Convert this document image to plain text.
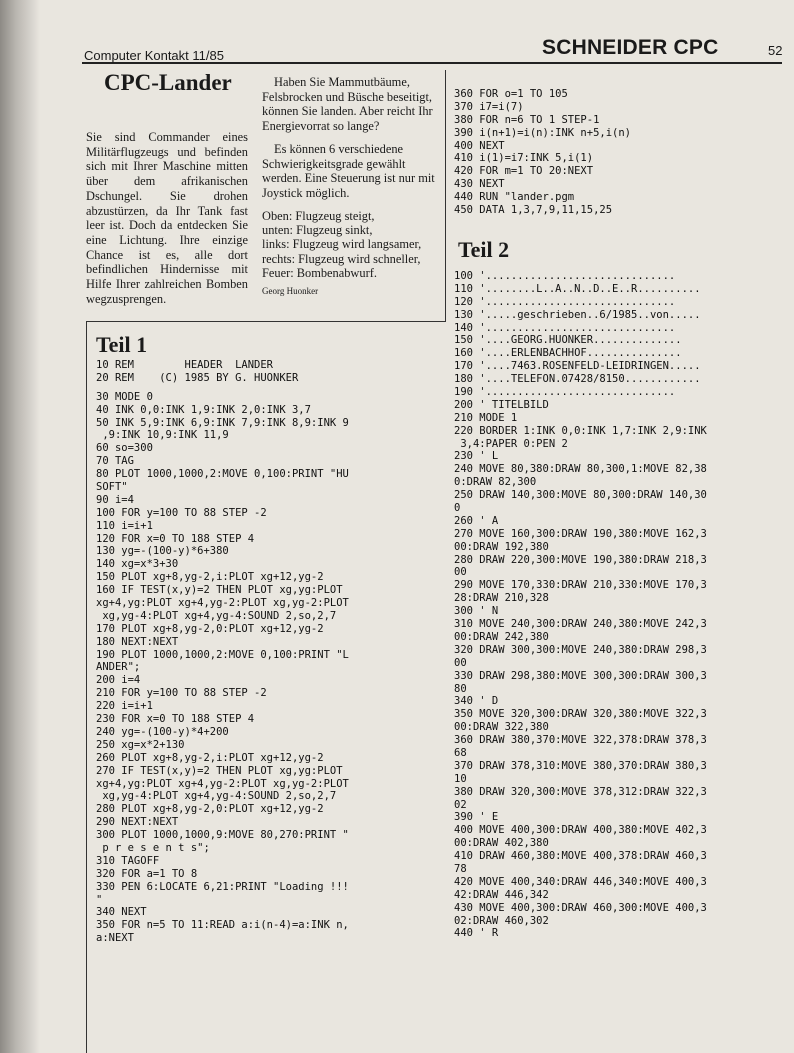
Computer Kontakt 11/85	SCHNEIDER CPC	52
CPC-Lander

Sie sind Commander eines Militärflugzeugs und befinden sich mit Ihrer Maschine mitten über dem afrikanischen Dschungel. Sie drohen abzustürzen, da Ihr Tank fast leer ist. Doch da entdecken Sie eine Lichtung. Ihre einzige Chance ist es, alle dort befindlichen Hindernisse mit Hilfe Ihrer zahlreichen Bomben wegzusprengen.

Haben Sie Mammutbäume, Felsbrocken und Büsche beseitigt, können Sie landen. Aber reicht Ihr Energievorrat so lange?

Es können 6 verschiedene Schwierigkeitsgrade gewählt werden. Eine Steuerung ist nur mit Joystick möglich.

Oben: Flugzeug steigt,
unten: Flugzeug sinkt,
links: Flugzeug wird langsamer,
rechts: Flugzeug wird schneller,
Feuer: Bombenabwurf.
Georg Huonker
360 FOR o=1 TO 105
370 i7=i(7)
380 FOR n=6 TO 1 STEP-1
390 i(n+1)=i(n):INK n+5,i(n)
400 NEXT
410 i(1)=i7:INK 5,i(1)
420 FOR m=1 TO 20:NEXT
430 NEXT
440 RUN "lander.pgm
450 DATA 1,3,7,9,11,15,25
Teil 2
100 '..............................
110 '........L..A..N..D..E..R..........
120 '..............................
130 '.....geschrieben..6/1985..von.....
140 '..............................
150 '....GEORG.HUONKER..............
160 '....ERLENBACHHOF...............
170 '....7463.ROSENFELD-LEIDRINGEN.....
180 '....TELEFON.07428/8150............
190 '..............................
200 ' TITELBILD
210 MODE 1
220 BORDER 1:INK 0,0:INK 1,7:INK 2,9:INK
3,4:PAPER 0:PEN 2
230 ' L
240 MOVE 80,380:DRAW 80,300,1:MOVE 82,38
0:DRAW 82,300
250 DRAW 140,300:MOVE 80,300:DRAW 140,30
0
260 ' A
270 MOVE 160,300:DRAW 190,380:MOVE 162,3
00:DRAW 192,380
280 DRAW 220,300:MOVE 190,380:DRAW 218,3
00
290 MOVE 170,330:DRAW 210,330:MOVE 170,3
28:DRAW 210,328
300 ' N
310 MOVE 240,300:DRAW 240,380:MOVE 242,3
00:DRAW 242,380
320 DRAW 300,300:MOVE 240,380:DRAW 298,3
00
330 DRAW 298,380:MOVE 300,300:DRAW 300,3
80
340 ' D
350 MOVE 320,300:DRAW 320,380:MOVE 322,3
00:DRAW 322,380
360 DRAW 380,370:MOVE 322,378:DRAW 378,3
68
370 DRAW 378,310:MOVE 380,370:DRAW 380,3
10
380 DRAW 320,300:MOVE 378,312:DRAW 322,3
02
390 ' E
400 MOVE 400,300:DRAW 400,380:MOVE 402,3
00:DRAW 402,380
410 DRAW 460,380:MOVE 400,378:DRAW 460,3
78
420 MOVE 400,340:DRAW 446,340:MOVE 400,3
42:DRAW 446,342
430 MOVE 400,300:DRAW 460,300:MOVE 400,3
02:DRAW 460,302
440 ' R
Teil 1
10 REM        HEADER  LANDER
20 REM    (C) 1985 BY G. HUONKER
30 MODE 0
40 INK 0,0:INK 1,9:INK 2,0:INK 3,7
50 INK 5,9:INK 6,9:INK 7,9:INK 8,9:INK 9
,9:INK 10,9:INK 11,9
60 so=300
70 TAG
80 PLOT 1000,1000,2:MOVE 0,100:PRINT "HU
SOFT"
90 i=4
100 FOR y=100 TO 88 STEP -2
110 i=i+1
120 FOR x=0 TO 188 STEP 4
130 yg=-(100-y)*6+380
140 xg=x*3+30
150 PLOT xg+8,yg-2,i:PLOT xg+12,yg-2
160 IF TEST(x,y)=2 THEN PLOT xg,yg:PLOT
xg+4,yg:PLOT xg+4,yg-2:PLOT xg,yg-2:PLOT
xg,yg-4:PLOT xg+4,yg-4:SOUND 2,so,2,7
170 PLOT xg+8,yg-2,0:PLOT xg+12,yg-2
180 NEXT:NEXT
190 PLOT 1000,1000,2:MOVE 0,100:PRINT "L
ANDER";
200 i=4
210 FOR y=100 TO 88 STEP -2
220 i=i+1
230 FOR x=0 TO 188 STEP 4
240 yg=-(100-y)*4+200
250 xg=x*2+130
260 PLOT xg+8,yg-2,i:PLOT xg+12,yg-2
270 IF TEST(x,y)=2 THEN PLOT xg,yg:PLOT
xg+4,yg:PLOT xg+4,yg-2:PLOT xg,yg-2:PLOT
xg,yg-4:PLOT xg+4,yg-4:SOUND 2,so,2,7
280 PLOT xg+8,yg-2,0:PLOT xg+12,yg-2
290 NEXT:NEXT
300 PLOT 1000,1000,9:MOVE 80,270:PRINT "
p r e s e n t s";
310 TAGOFF
320 FOR a=1 TO 8
330 PEN 6:LOCATE 6,21:PRINT "Loading !!!
"
340 NEXT
350 FOR n=5 TO 11:READ a:i(n-4)=a:INK n,
a:NEXT
